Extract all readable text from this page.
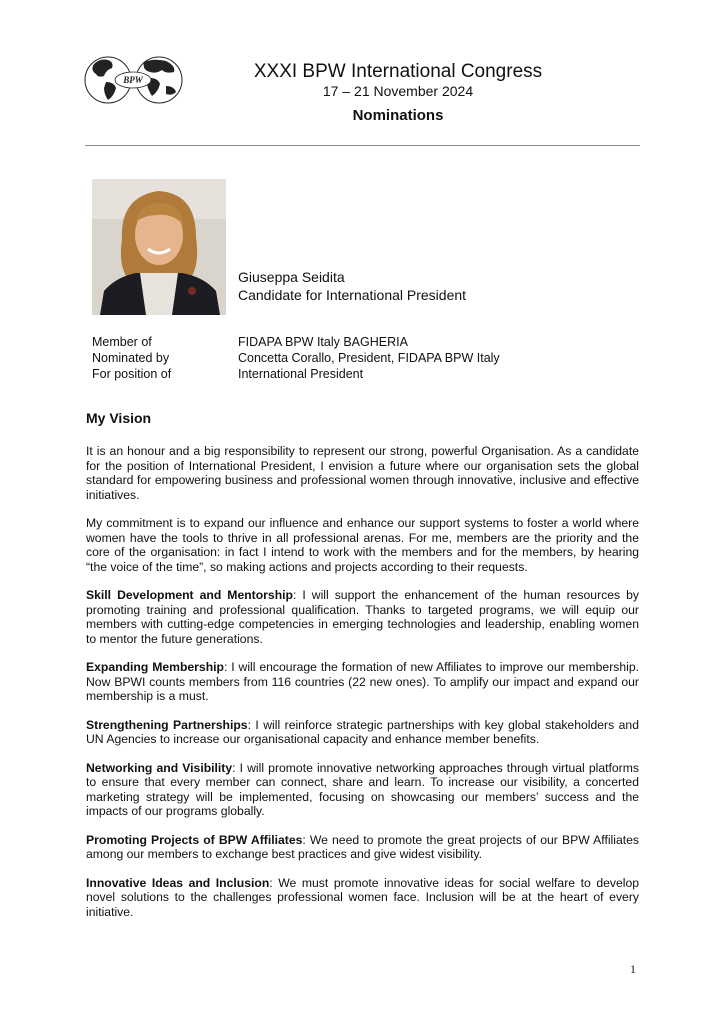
BPW	XXXI BPW International Congress
17 – 21 November 2024
Nominations
Giuseppa Seidita
Candidate for International President
Member of	FIDAPA BPW Italy BAGHERIA
Nominated by	Concetta Corallo, President, FIDAPA BPW Italy
For position of	International President
My Vision

It is an honour and a big responsibility to represent our strong, powerful Organisation. As a candidate for the position of International President, I envision a future where our organisation sets the global standard for empowering business and professional women through innovative, inclusive and effective initiatives.

My commitment is to expand our influence and enhance our support systems to foster a world where women have the tools to thrive in all professional arenas. For me, members are the priority and the core of the organisation: in fact I intend to work with the members and for the members, by hearing “the voice of the time”, so making actions and projects according to their requests.

Skill Development and Mentorship: I will support the enhancement of the human resources by promoting training and professional qualification. Thanks to targeted programs, we will equip our members with cutting-edge competencies in emerging technologies and leadership, enabling women to mentor the future generations.

Expanding Membership: I will encourage the formation of new Affiliates to improve our membership. Now BPWI counts members from 116 countries (22 new ones). To amplify our impact and expand our membership is a must.

Strengthening Partnerships: I will reinforce strategic partnerships with key global stakeholders and UN Agencies to increase our organisational capacity and enhance member benefits.

Networking and Visibility: I will promote innovative networking approaches through virtual platforms to ensure that every member can connect, share and learn. To increase our visibility, a concerted marketing strategy will be implemented, focusing on showcasing our members’ success and the impacts of our programs globally.

Promoting Projects of BPW Affiliates: We need to promote the great projects of our BPW Affiliates among our members to exchange best practices and give widest visibility.

Innovative Ideas and Inclusion: We must promote innovative ideas for social welfare to develop novel solutions to the challenges professional women face. Inclusion will be at the heart of every initiative.

1
